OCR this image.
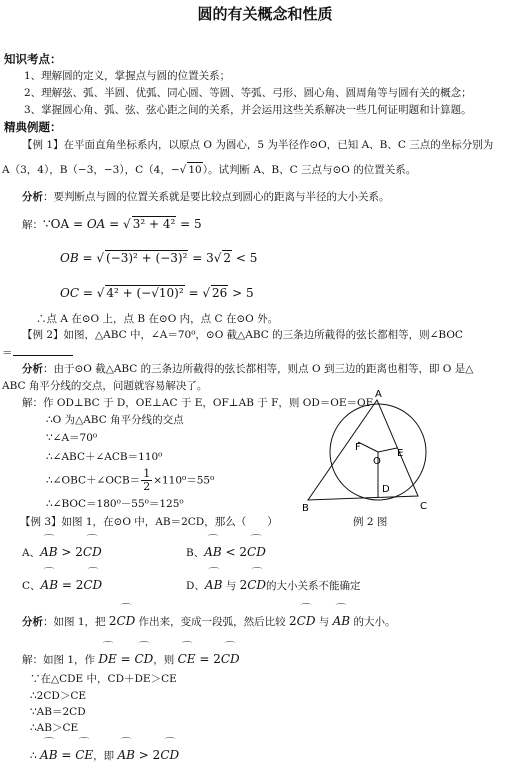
圆的有关概念和性质
知识考点：
1、理解圆的定义，掌握点与圆的位置关系；
2、理解弦、弧、半圆、优弧、同心圆、等圆、等弧、弓形、圆心角、圆周角等与圆有关的概念；
3、掌握圆心角、弧、弦、弦心距之间的关系，并会运用这些关系解决一些几何证明题和计算题。
精典例题：
【例 1】在平面直角坐标系内，以原点 O 为圆心，5 为半径作⊙O，已知 A、B、C 三点的坐标分别为
A（3，4），B（−3，−3），C（4，−√ 10）。试判断 A、B、C 三点与⊙O 的位置关系。
分析：要判断点与圆的位置关系就是要比较点到圆心的距离与半径的大小关系。
解：∵OA = OA = √ 3² + 4² = 5
OB = √ (−3)² + (−3)² = 3√ 2 < 5
OC = √ 4² + (−√10)² = √ 26 > 5
∴点 A 在⊙O 上，点 B 在⊙O 内，点 C 在⊙O 外。
【例 2】如图，△ABC 中，∠A＝70⁰，⊙O 截△ABC 的三条边所截得的弦长都相等，则∠BOC
＝
分析：由于⊙O 截△ABC 的三条边所截得的弦长都相等，则点 O 到三边的距离也相等，即 O 是△
ABC 角平分线的交点，问题就容易解决了。
解：作 OD⊥BC 于 D，OE⊥AC 于 E，OF⊥AB 于 F，则 OD＝OE＝OF
∴O 为△ABC 角平分线的交点
∵∠A＝70⁰
∴∠ABC＋∠ACB＝110⁰
∴∠OBC＋∠OCB＝ $\frac{1}{2} \times 110^0=55^0$
∴∠BOC＝180⁰－55⁰＝125⁰
A
B	C
O
D
E
F
例 2 图
【例 3】如图 1，在⊙O 中，AB＝2CD，那么（　　）
A、⌒ AB > 2⌒ CD	B、⌒ AB < 2⌒ CD
C、⌒ AB = 2⌒ CD	D、⌒ AB 与 2⌒ CD的大小关系不能确定
分析：如图 1，把 2⌒ CD 作出来，变成一段弧，然后比较 2⌒ CD 与 ⌒ AB 的大小。
解：如图 1，作 ⌒ DE = ⌒ CD，则 ⌒ CE = 2⌒ CD
∵在△CDE 中，CD＋DE＞CE
∴2CD＞CE
∵AB＝2CD
∴AB＞CE
∴ ⌒ AB = ⌒ CE，即 ⌒ AB > 2⌒ CD
